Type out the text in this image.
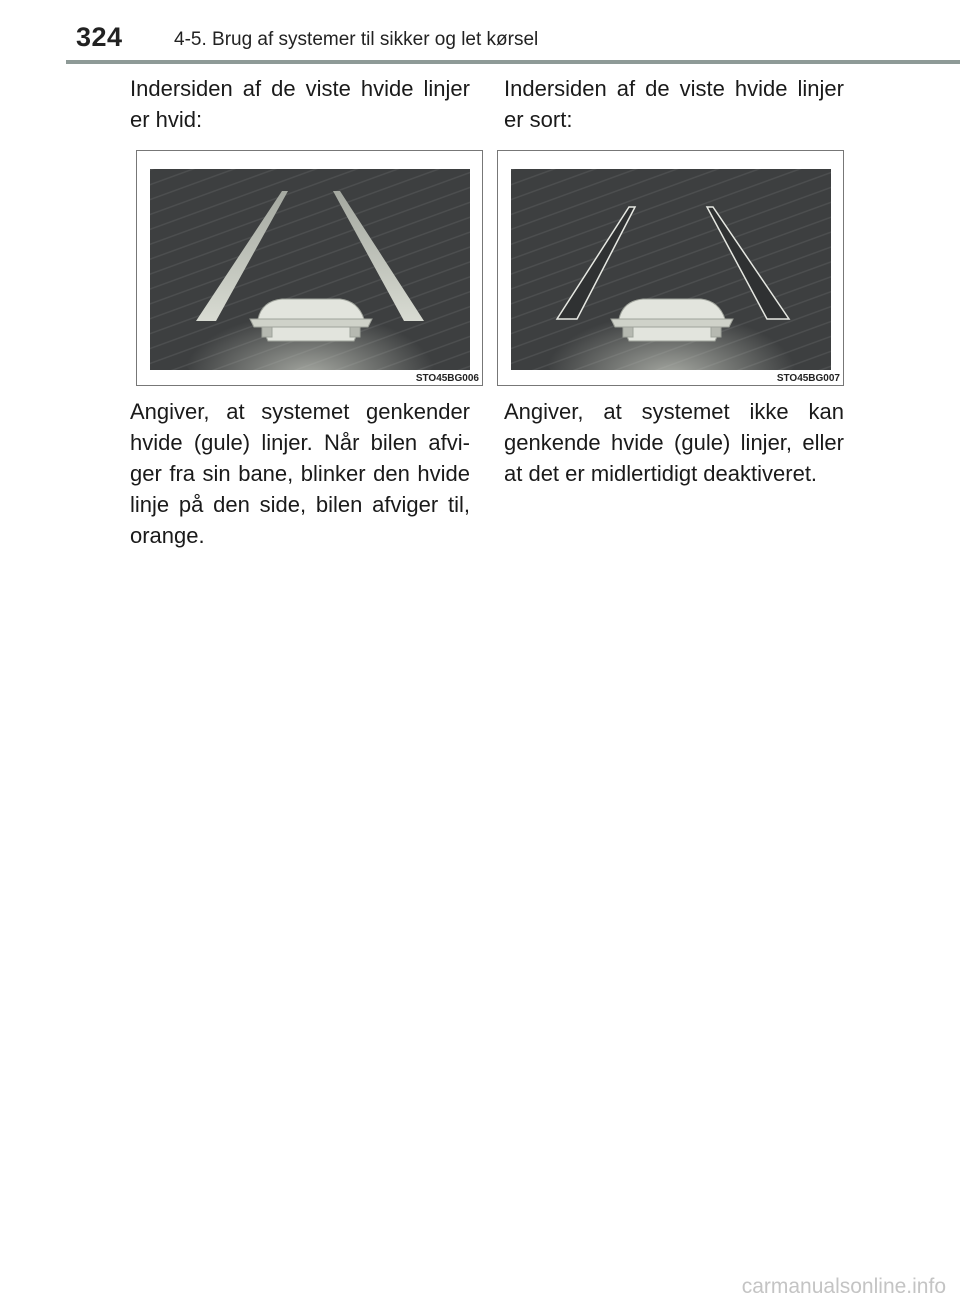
324	4-5. Brug af systemer til sikker og let kørsel
Indersiden af de viste hvide linjer er hvid:
STO45BG006
Angiver, at systemet genkender hvide (gule) linjer. Når bilen afvi-ger fra sin bane, blinker den hvide linje på den side, bilen afviger til, orange.
Indersiden af de viste hvide linjer er sort:
STO45BG007
Angiver, at systemet ikke kan genkende hvide (gule) linjer, eller at det er midlertidigt deaktiveret.
carmanualsonline.info
